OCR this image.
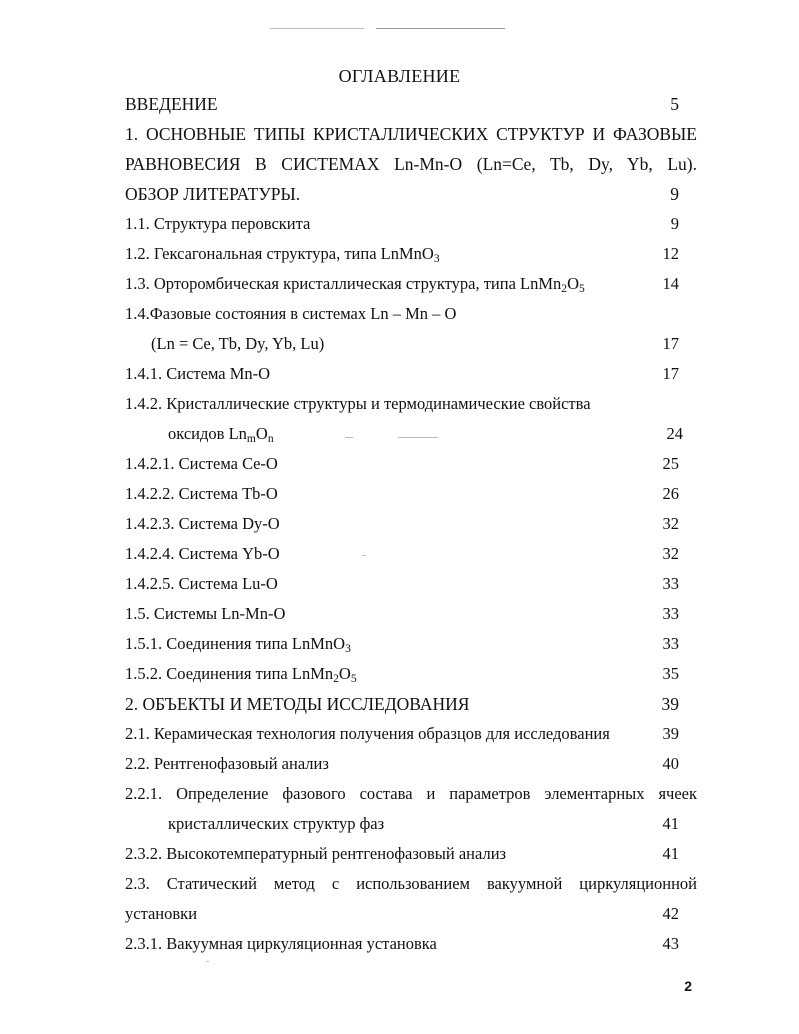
ОГЛАВЛЕНИЕ
ВВЕДЕНИЕ	5
1. ОСНОВНЫЕ ТИПЫ КРИСТАЛЛИЧЕСКИХ СТРУКТУР И ФАЗОВЫЕ
РАВНОВЕСИЯ В СИСТЕМАХ Ln-Mn-O (Ln=Ce, Tb, Dy, Yb, Lu).
ОБЗОР ЛИТЕРАТУРЫ.	9
1.1. Структура перовскита	9
1.2. Гексагональная структура, типа LnMnO$_3$	12
1.3. Орторомбическая кристаллическая структура, типа $LnMn_2O_5$	14
1.4.Фазовые состояния в системах Ln – Mn – O
(Ln = Ce, Tb, Dy, Yb, Lu)	17
1.4.1. Система Mn-O	17
1.4.2. Кристаллические структуры и термодинамические свойства
оксидов $Ln_mO_n$	24
1.4.2.1. Система Ce-O	25
1.4.2.2. Система Tb-O	26
1.4.2.3. Система Dy-O	32
1.4.2.4. Система Yb-O	32
1.4.2.5. Система Lu-O	33
1.5. Системы Ln-Mn-O	33
1.5.1. Соединения типа LnMnO$_3$	33
1.5.2. Соединения типа $LnMn_2O_5$	35
2. ОБЪЕКТЫ И МЕТОДЫ ИССЛЕДОВАНИЯ	39
2.1. Керамическая технология получения образцов для исследования	39
2.2. Рентгенофазовый анализ	40
2.2.1. Определение фазового состава и параметров элементарных ячеек
кристаллических структур фаз	41
2.3.2. Высокотемпературный рентгенофазовый анализ	41
2.3. Статический метод с использованием вакуумной циркуляционной
установки	42
2.3.1. Вакуумная циркуляционная установка	43
2
